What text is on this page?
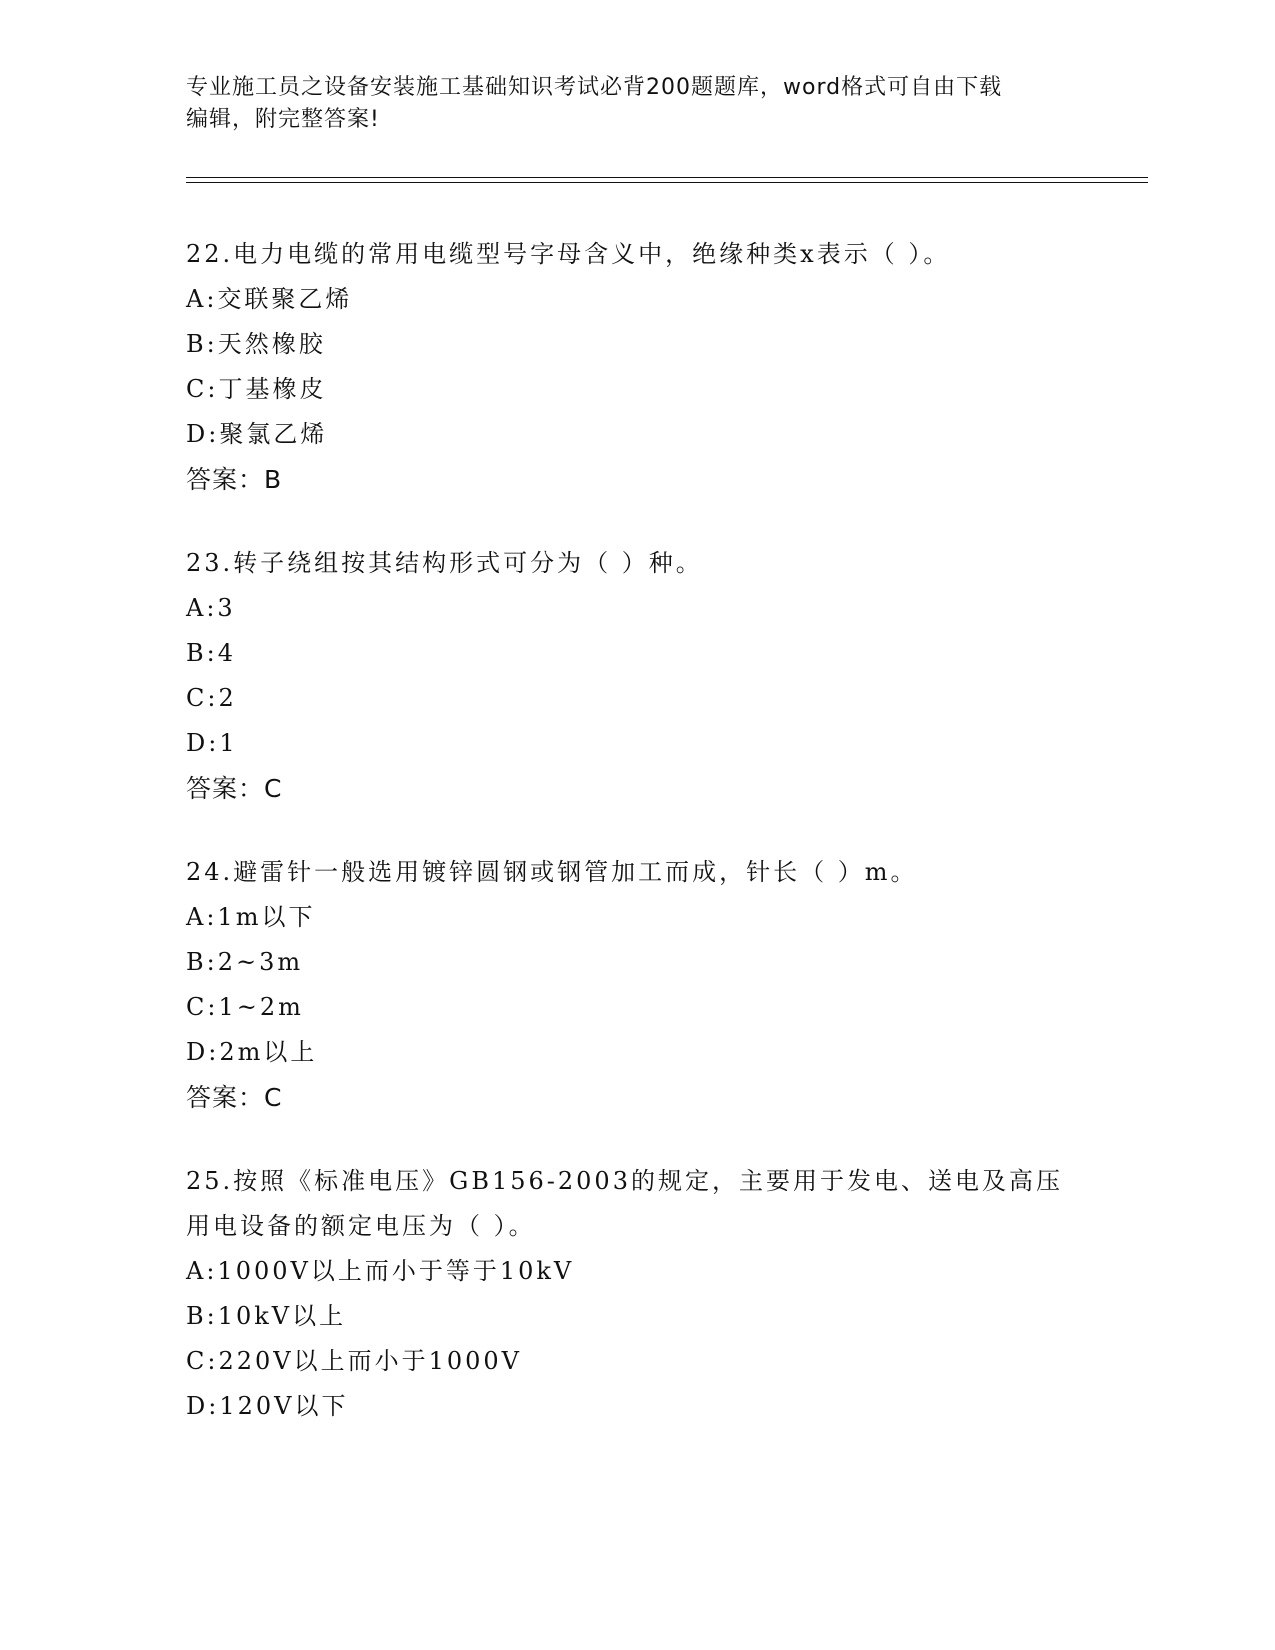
专业施工员之设备安装施工基础知识考试必背200题题库，word格式可自由下载
编辑，附完整答案!
22.电力电缆的常用电缆型号字母含义中，绝缘种类x表示（ ）。
A:交联聚乙烯
B:天然橡胶
C:丁基橡皮
D:聚氯乙烯
答案：B
23.转子绕组按其结构形式可分为（ ）种。
A:3
B:4
C:2
D:1
答案：C
24.避雷针一般选用镀锌圆钢或钢管加工而成，针长（ ）m。
A:1m以下
B:2~3m
C:1~2m
D:2m以上
答案：C
25.按照《标准电压》GB156-2003的规定，主要用于发电、送电及高压
用电设备的额定电压为（ ）。
A:1000V以上而小于等于10kV
B:10kV以上
C:220V以上而小于1000V
D:120V以下
